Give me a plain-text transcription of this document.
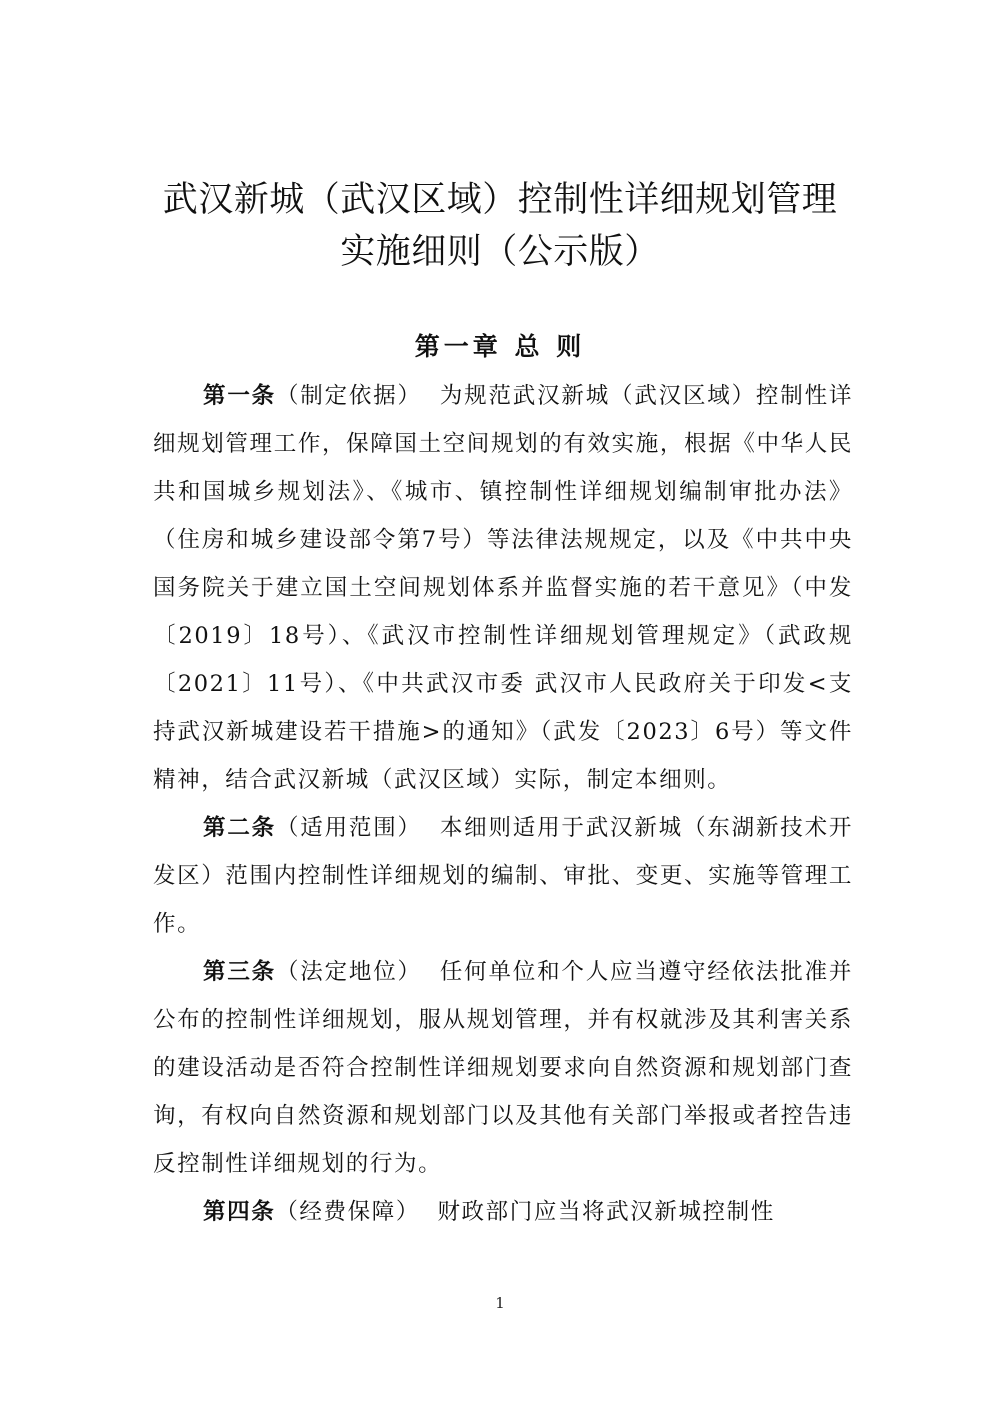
武汉新城（武汉区域）控制性详细规划管理
实施细则（公示版）
第一章 总 则

第一条（制定依据） 为规范武汉新城（武汉区域）控制性详细规划管理工作，保障国土空间规划的有效实施，根据《中华人民共和国城乡规划法》、《城市、镇控制性详细规划编制审批办法》（住房和城乡建设部令第7号）等法律法规规定，以及《中共中央 国务院关于建立国土空间规划体系并监督实施的若干意见》（中发〔2019〕18号）、《武汉市控制性详细规划管理规定》（武政规〔2021〕11号）、《中共武汉市委 武汉市人民政府关于印发<支持武汉新城建设若干措施>的通知》（武发〔2023〕6号）等文件精神，结合武汉新城（武汉区域）实际，制定本细则。

第二条（适用范围） 本细则适用于武汉新城（东湖新技术开发区）范围内控制性详细规划的编制、审批、变更、实施等管理工作。

第三条（法定地位） 任何单位和个人应当遵守经依法批准并公布的控制性详细规划，服从规划管理，并有权就涉及其利害关系的建设活动是否符合控制性详细规划要求向自然资源和规划部门查询，有权向自然资源和规划部门以及其他有关部门举报或者控告违反控制性详细规划的行为。

第四条（经费保障） 财政部门应当将武汉新城控制性

1
